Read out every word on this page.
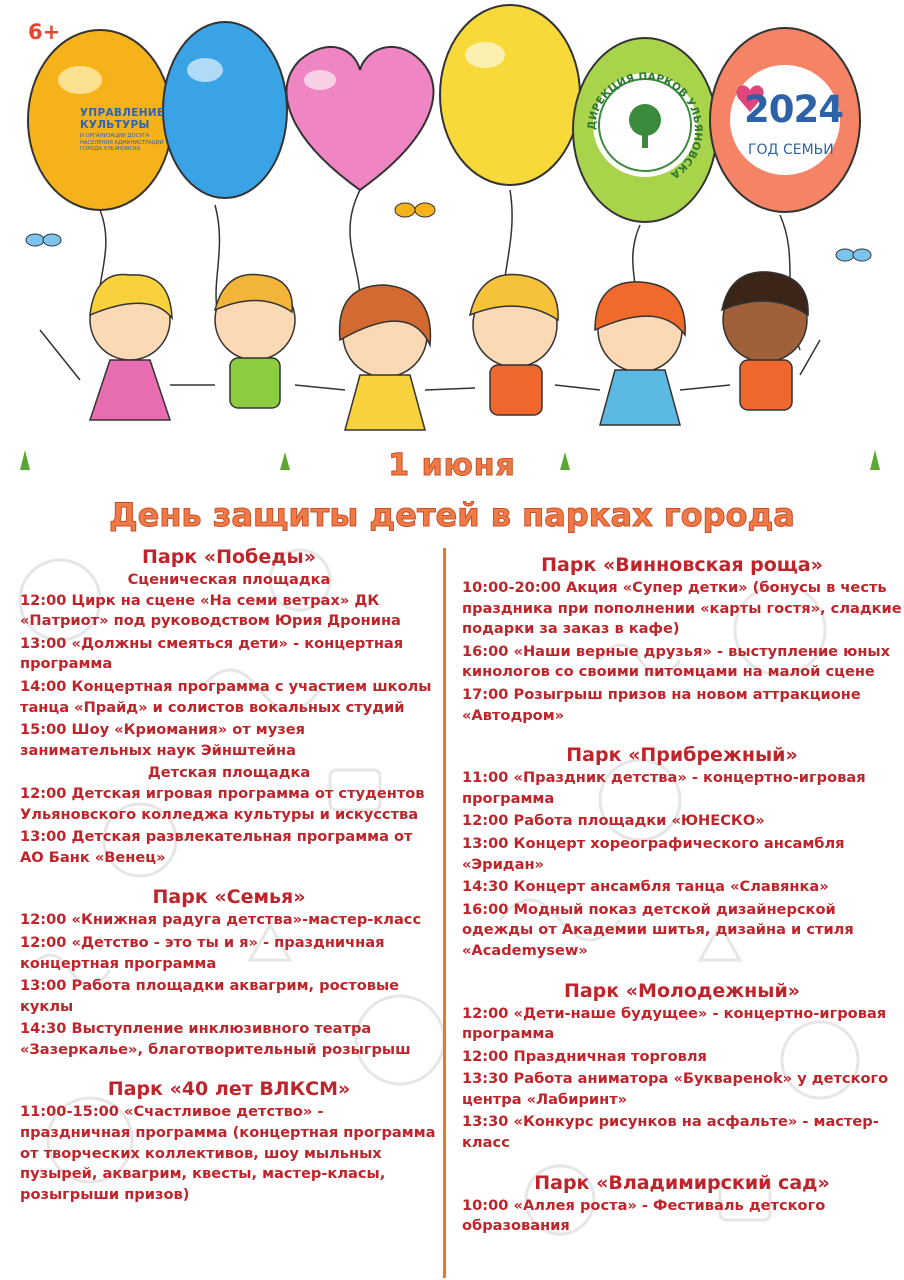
6+
УПРАВЛЕНИЕ
КУЛЬТУРЫ
И ОРГАНИЗАЦИИ ДОСУГА НАСЕЛЕНИЯ АДМИНИСТРАЦИИ ГОРОДА УЛЬЯНОВСКА
ДИРЕКЦИЯ ПАРКОВ УЛЬЯНОВСКА
2024
ГОД СЕМЬИ
1 июня
День защиты детей в парках города
Парк «Победы»
Сценическая площадка
12:00 Цирк на сцене «На семи ветрах» ДК «Патриот» под руководством Юрия Дронина
13:00 «Должны смеяться дети» - концертная программа
14:00 Концертная программа с участием школы танца «Прайд» и солистов вокальных студий
15:00 Шоу «Криомания» от музея занимательных наук Эйнштейна
Детская площадка
12:00 Детская игровая программа от студентов Ульяновского колледжа культуры и искусства
13:00 Детская развлекательная программа от АО Банк «Венец»
Парк «Семья»
12:00 «Книжная радуга детства»-мастер-класс
12:00 «Детство - это ты и я» - праздничная концертная программа
13:00 Работа площадки аквагрим, ростовые куклы
14:30 Выступление инклюзивного театра «Зазеркалье», благотворительный розыгрыш
Парк «40 лет ВЛКСМ»
11:00-15:00 «Счастливое детство» - праздничная программа (концертная программа от творческих коллективов, шоу мыльных пузырей, аквагрим, квесты, мастер-класы, розыгрыши призов)
Парк «Винновская роща»
10:00-20:00 Акция «Супер детки» (бонусы в честь праздника при пополнении «карты гостя», сладкие подарки за заказ в кафе)
16:00 «Наши верные друзья» - выступление юных кинологов со своими питомцами на малой сцене
17:00 Розыгрыш призов на новом аттракционе «Автодром»
Парк «Прибрежный»
11:00 «Праздник детства» - концертно-игровая программа
12:00 Работа площадки «ЮНЕСКО»
13:00 Концерт хореографического ансамбля «Эридан»
14:30 Концерт ансамбля танца «Славянка»
16:00 Модный показ детской дизайнерской одежды от Академии шитья, дизайна и стиля «Academysew»
Парк «Молодежный»
12:00 «Дети-наше будущее» - концертно-игровая программа
12:00 Праздничная торговля
13:30 Работа аниматора «Буквареноk» у детского центра «Лабиринт»
13:30 «Конкурс рисунков на асфальте» - мастер-класс
Парк «Владимирский сад»
10:00 «Аллея роста» - Фестиваль детского образования
